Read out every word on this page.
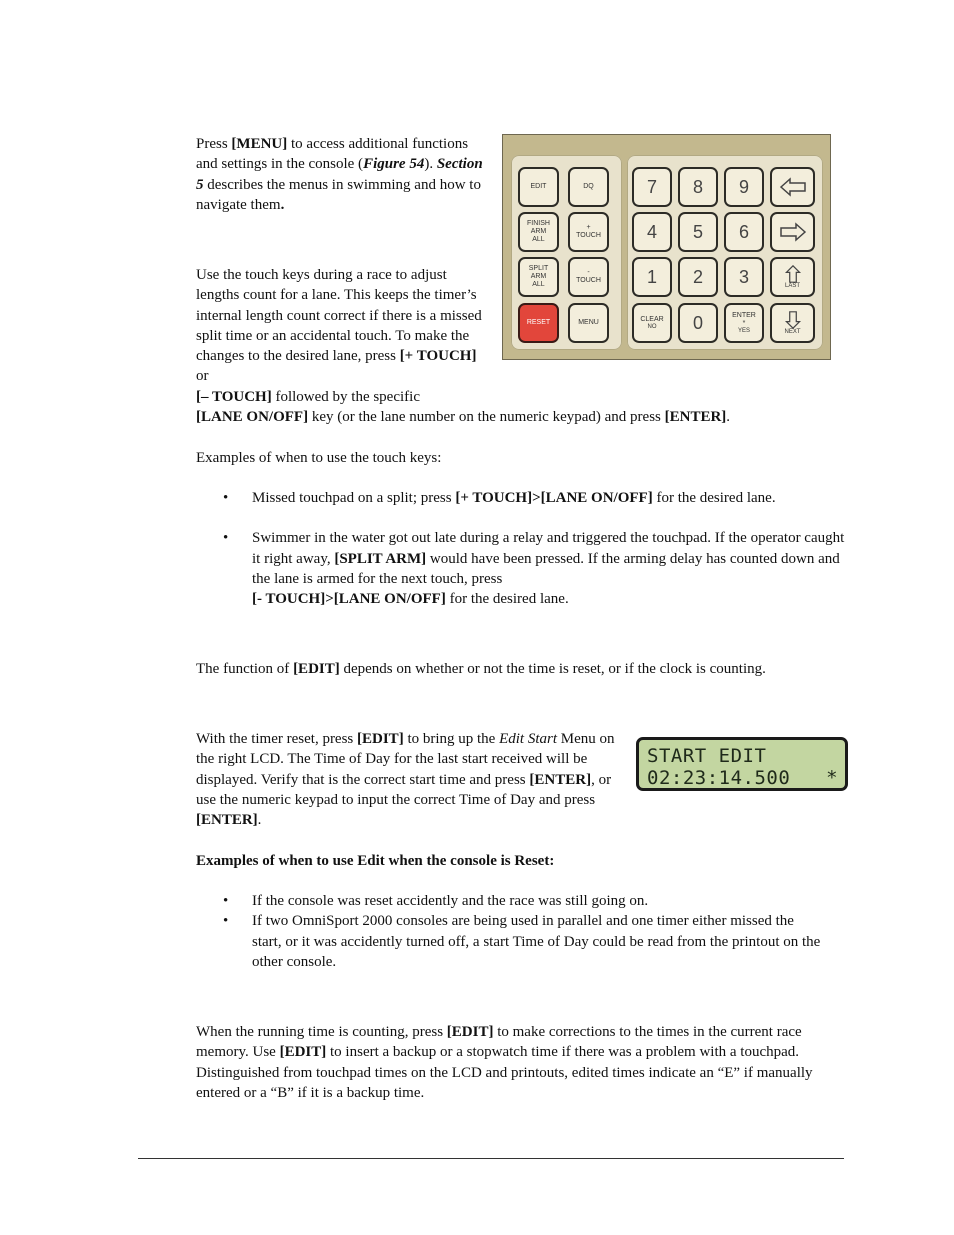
Press [MENU] to access additional functions and settings in the console (Figure 54). Section 5 describes the menus in swimming and how to navigate them.

EDIT	DQ
FINISH
ARM
ALL
+
TOUCH
SPLIT
ARM
ALL
-
TOUCH
RESET	MENU
7 8 9
4 5 6
1 2 3	LAST
CLEAR
NO 0	ENTER
*
YES	NEXT

Use the touch keys during a race to adjust lengths count for a lane. This keeps the timer’s internal length count correct if there is a missed split time or an accidental touch. To make the changes to the desired lane, press [+ TOUCH] or
[– TOUCH] followed by the specific

[LANE ON/OFF] key (or the lane number on the numeric keypad) and press [ENTER].

Examples of when to use the touch keys:

• Missed touchpad on a split; press [+ TOUCH]>[LANE ON/OFF] for the desired lane.
• Swimmer in the water got out late during a relay and triggered the touchpad. If the operator caught it right away, [SPLIT ARM] would have been pressed. If the arming delay has counted down and the lane is armed for the next touch, press
[- TOUCH]>[LANE ON/OFF] for the desired lane.

The function of [EDIT] depends on whether or not the time is reset, or if the clock is counting.

With the timer reset, press [EDIT] to bring up the Edit Start Menu on the right LCD. The Time of Day for the last start received will be displayed. Verify that is the correct start time and press [ENTER], or use the numeric keypad to input the correct Time of Day and press [ENTER].

START EDIT
02:23:14.500   *

Examples of when to use Edit when the console is Reset:

• If the console was reset accidently and the race was still going on.
• If two OmniSport 2000 consoles are being used in parallel and one timer either missed the start, or it was accidently turned off, a start Time of Day could be read from the printout on the other console.

When the running time is counting, press [EDIT] to make corrections to the times in the current race memory. Use [EDIT] to insert a backup or a stopwatch time if there was a problem with a touchpad. Distinguished from touchpad times on the LCD and printouts, edited times indicate an “E” if manually entered or a “B” if it is a backup time.
